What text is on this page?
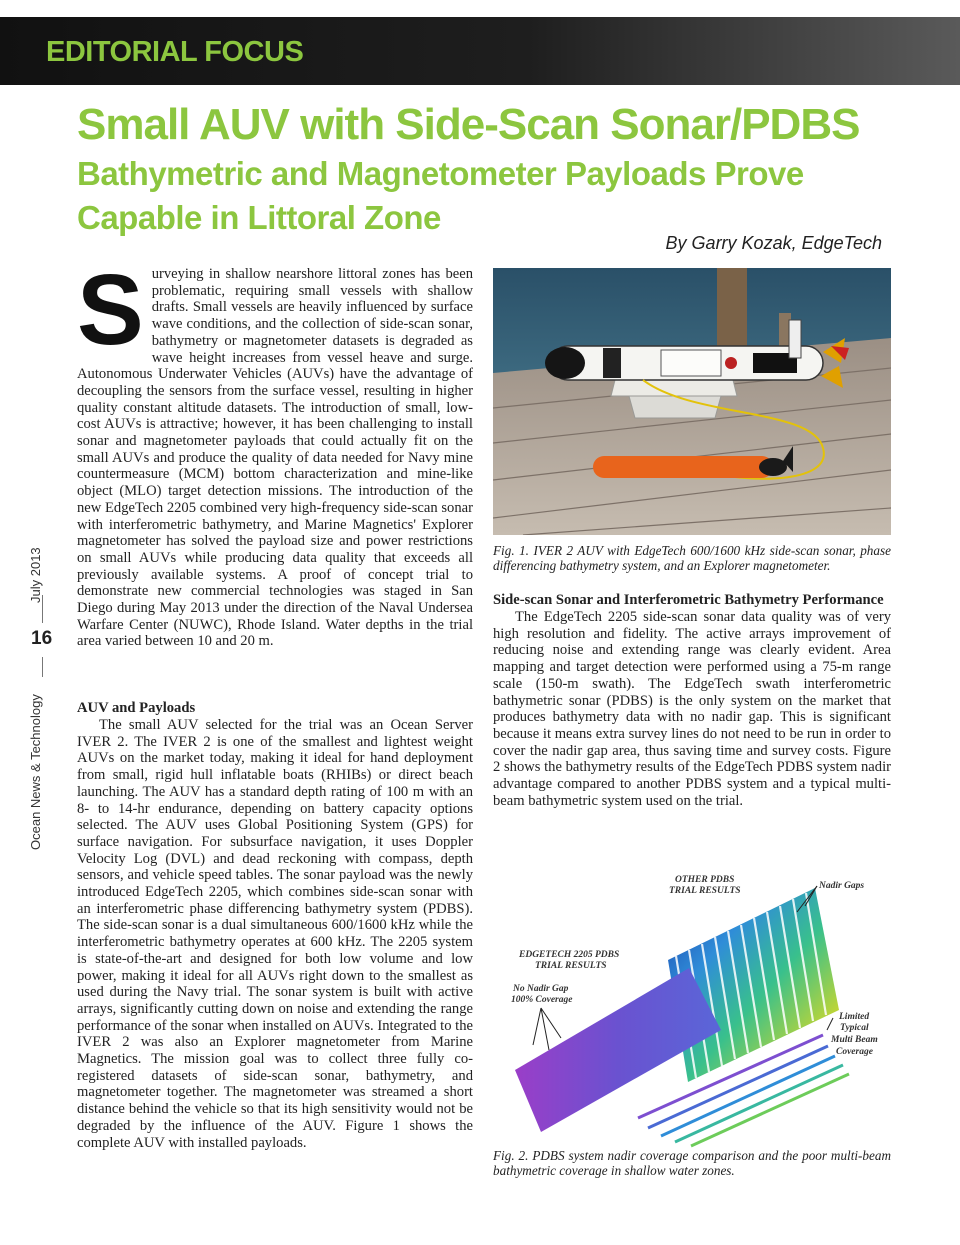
EDITORIAL FOCUS
Small AUV with Side-Scan Sonar/PDBS
Bathymetric and Magnetometer Payloads Prove
Capable in Littoral Zone
By Garry Kozak, EdgeTech
July 2013
16
Ocean News & Technology

Surveying in shallow nearshore littoral zones has been problematic, requiring small vessels with shallow drafts. Small vessels are heavily influenced by surface wave conditions, and the collection of side-scan sonar, bathymetry or magnetometer datasets is degraded as wave height increases from vessel heave and surge. Autonomous Underwater Vehicles (AUVs) have the advantage of decoupling the sensors from the surface vessel, resulting in higher quality constant altitude datasets. The introduction of small, low-cost AUVs is attractive; however, it has been challenging to install sonar and magnetometer payloads that could actually fit on the small AUVs and produce the quality of data needed for Navy mine countermeasure (MCM) bottom characterization and mine-like object (MLO) target detection missions. The introduction of the new EdgeTech 2205 combined very high-frequency side-scan sonar with interferometric bathymetry, and Marine Magnetics' Explorer magnetometer has solved the payload size and power restrictions on small AUVs while producing data quality that exceeds all previously available systems. A proof of concept trial to demonstrate new commercial technologies was staged in San Diego during May 2013 under the direction of the Naval Undersea Warfare Center (NUWC), Rhode Island. Water depths in the trial area varied between 10 and 20 m.

AUV and Payloads

The small AUV selected for the trial was an Ocean Server IVER 2. The IVER 2 is one of the smallest and lightest weight AUVs on the market today, making it ideal for hand deployment from small, rigid hull inflatable boats (RHIBs) or direct beach launching. The AUV has a standard depth rating of 100 m with an 8- to 14-hr endurance, depending on battery capacity options selected. The AUV uses Global Positioning System (GPS) for surface navigation. For subsurface navigation, it uses Doppler Velocity Log (DVL) and dead reckoning with compass, depth sensors, and vehicle speed tables. The sonar payload was the newly introduced EdgeTech 2205, which combines side-scan sonar with an interferometric phase differencing bathymetry system (PDBS). The side-scan sonar is a dual simultaneous 600/1600 kHz while the interferometric bathymetry operates at 600 kHz. The 2205 system is state-of-the-art and designed for both low volume and low power, making it ideal for all AUVs right down to the smallest as used during the Navy trial. The sonar system is built with active arrays, significantly cutting down on noise and extending the range performance of the sonar when installed on AUVs. Integrated to the IVER 2 was also an Explorer magnetometer from Marine Magnetics. The mission goal was to collect three fully co-registered datasets of side-scan sonar, bathymetry, and magnetometer together. The magnetometer was streamed a short distance behind the vehicle so that its high sensitivity would not be degraded by the influence of the AUV. Figure 1 shows the complete AUV with installed payloads.

Fig. 1. IVER 2 AUV with EdgeTech 600/1600 kHz side-scan sonar, phase differencing bathymetry system, and an Explorer magnetometer.
Side-scan Sonar and Interferometric Bathymetry Performance

The EdgeTech 2205 side-scan sonar data quality was of very high resolution and fidelity. The active arrays improvement of reducing noise and extending range was clearly evident. Area mapping and target detection were performed using a 75-m range scale (150-m swath). The EdgeTech swath interferometric bathymetric sonar (PDBS) is the only system on the market that produces bathymetry data with no nadir gap. This is significant because it means extra survey lines do not need to be run in order to cover the nadir gap area, thus saving time and survey costs. Figure 2 shows the bathymetry results of the EdgeTech PDBS system nadir advantage compared to another PDBS system and a typical multi-beam bathymetric system used on the trial.

OTHER PDBS
TRIAL RESULTS	Nadir Gaps
EDGETECH 2205 PDBS
TRIAL RESULTS
No Nadir Gap
100% Coverage
Limited
Typical
Multi Beam
Coverage
Fig. 2. PDBS system nadir coverage comparison and the poor multi-beam bathymetric coverage in shallow water zones.
